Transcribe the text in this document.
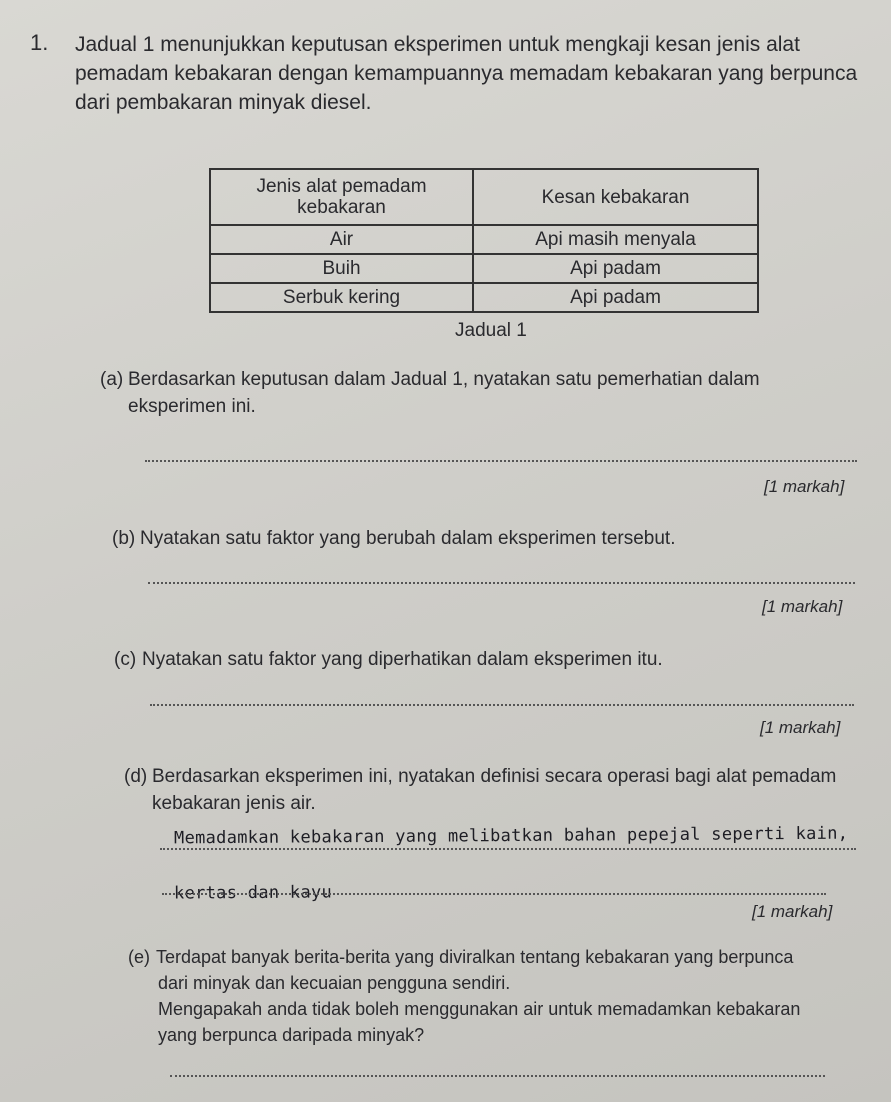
1. Jadual 1 menunjukkan keputusan eksperimen untuk mengkaji kesan jenis alat
pemadam kebakaran dengan kemampuannya memadam kebakaran yang berpunca
dari pembakaran minyak diesel.
Jenis alat pemadam kebakaran	Kesan kebakaran
Air	Api masih menyala
Buih	Api padam
Serbuk kering	Api padam
Jadual 1
(a) Berdasarkan keputusan dalam Jadual 1, nyatakan satu pemerhatian dalam
eksperimen ini.
[1 markah]
(b) Nyatakan satu faktor yang berubah dalam eksperimen tersebut.
[1 markah]
(c) Nyatakan satu faktor yang diperhatikan dalam eksperimen itu.
[1 markah]
(d) Berdasarkan eksperimen ini, nyatakan definisi secara operasi bagi alat pemadam
kebakaran jenis air.
Memadamkan kebakaran yang melibatkan bahan pepejal seperti kain,
kertas dan kayu
[1 markah]
(e) Terdapat banyak berita-berita yang diviralkan tentang kebakaran yang berpunca
dari minyak dan kecuaian pengguna sendiri.
Mengapakah anda tidak boleh menggunakan air untuk memadamkan kebakaran
yang berpunca daripada minyak?
